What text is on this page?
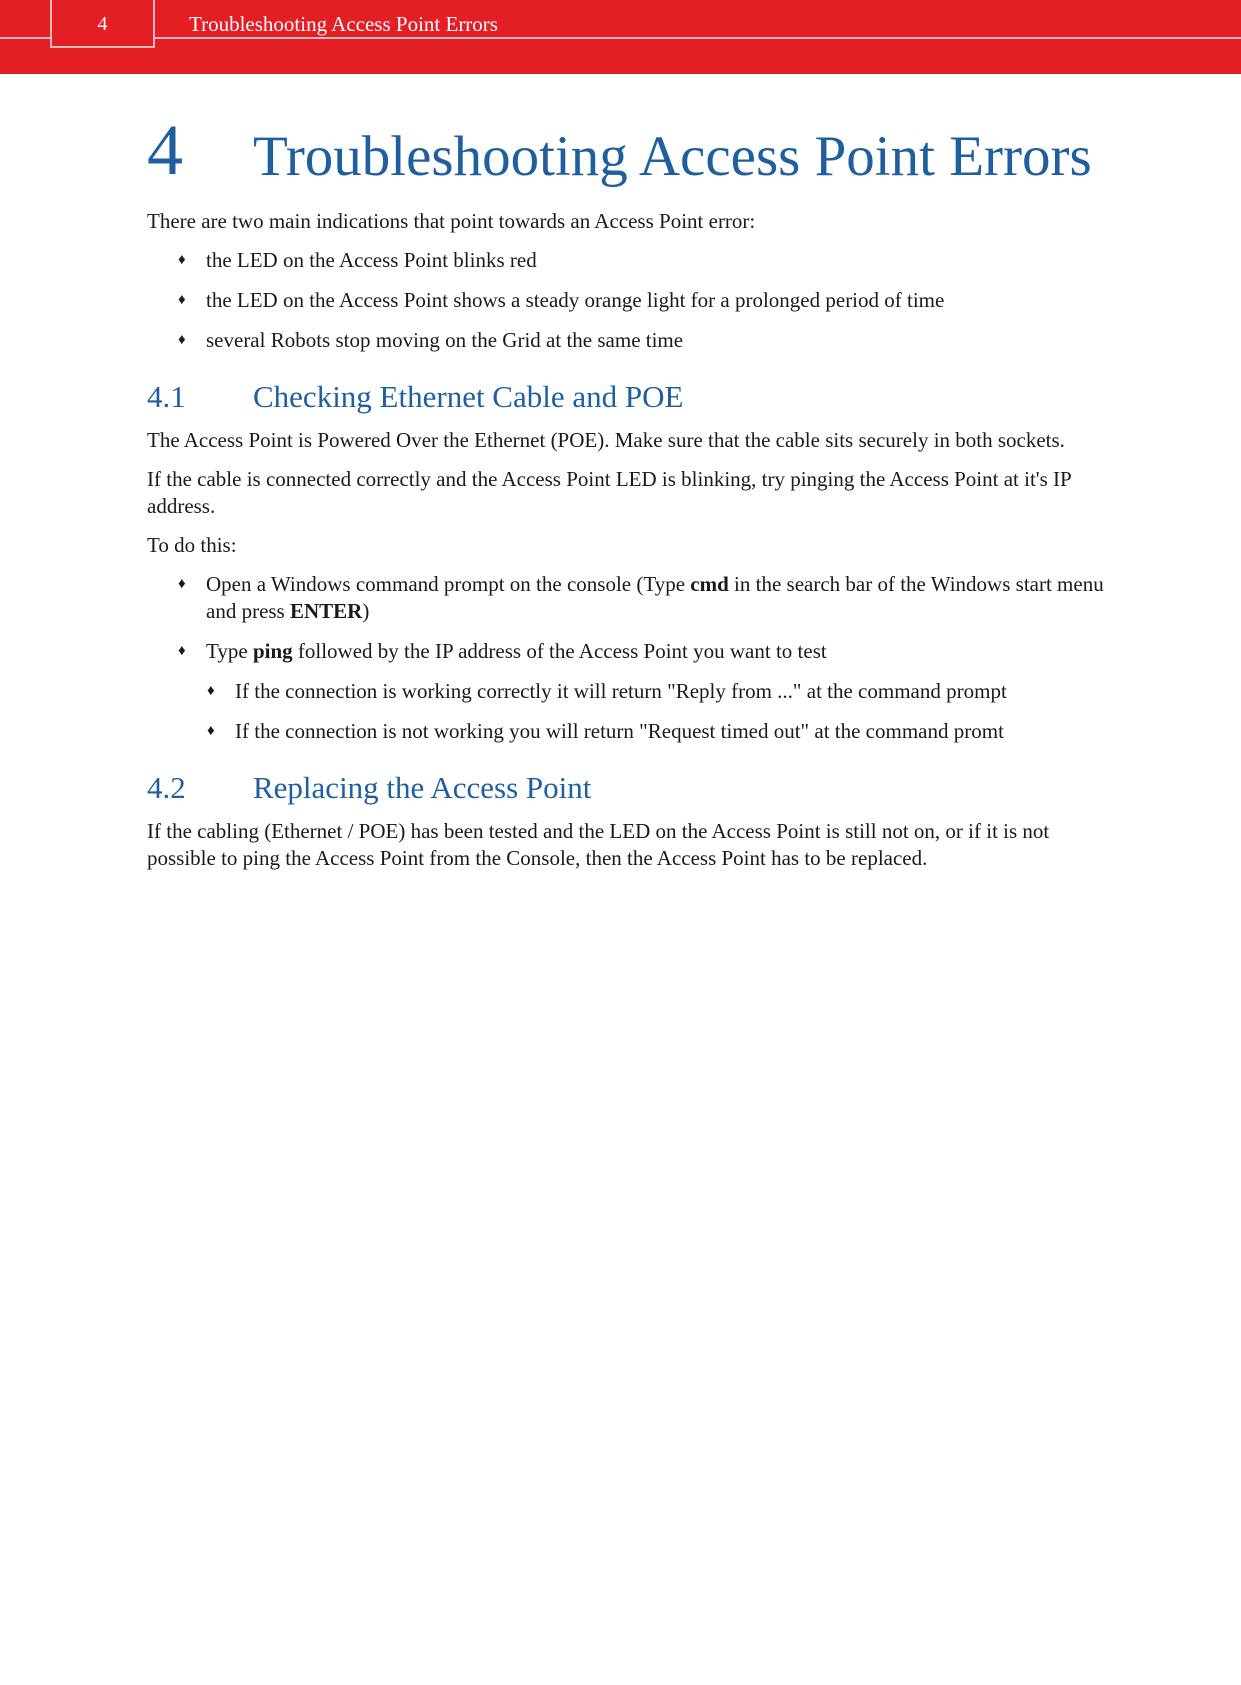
4	Troubleshooting Access Point Errors
4 Troubleshooting Access Point Errors

There are two main indications that point towards an Access Point error:

♦ the LED on the Access Point blinks red
♦ the LED on the Access Point shows a steady orange light for a prolonged period of time
♦ several Robots stop moving on the Grid at the same time
4.1 Checking Ethernet Cable and POE

The Access Point is Powered Over the Ethernet (POE). Make sure that the cable sits securely in both sockets.

If the cable is connected correctly and the Access Point LED is blinking, try pinging the Access Point at it's IP address.

To do this:

♦ Open a Windows command prompt on the console (Type cmd in the search bar of the Windows start menu and press ENTER)
♦ Type ping followed by the IP address of the Access Point you want to test
♦ If the connection is working correctly it will return "Reply from ..." at the command prompt
♦ If the connection is not working you will return "Request timed out" at the command promt
4.2 Replacing the Access Point

If the cabling (Ethernet / POE) has been tested and the LED on the Access Point is still not on, or if it is not possible to ping the Access Point from the Console, then the Access Point has to be replaced.
